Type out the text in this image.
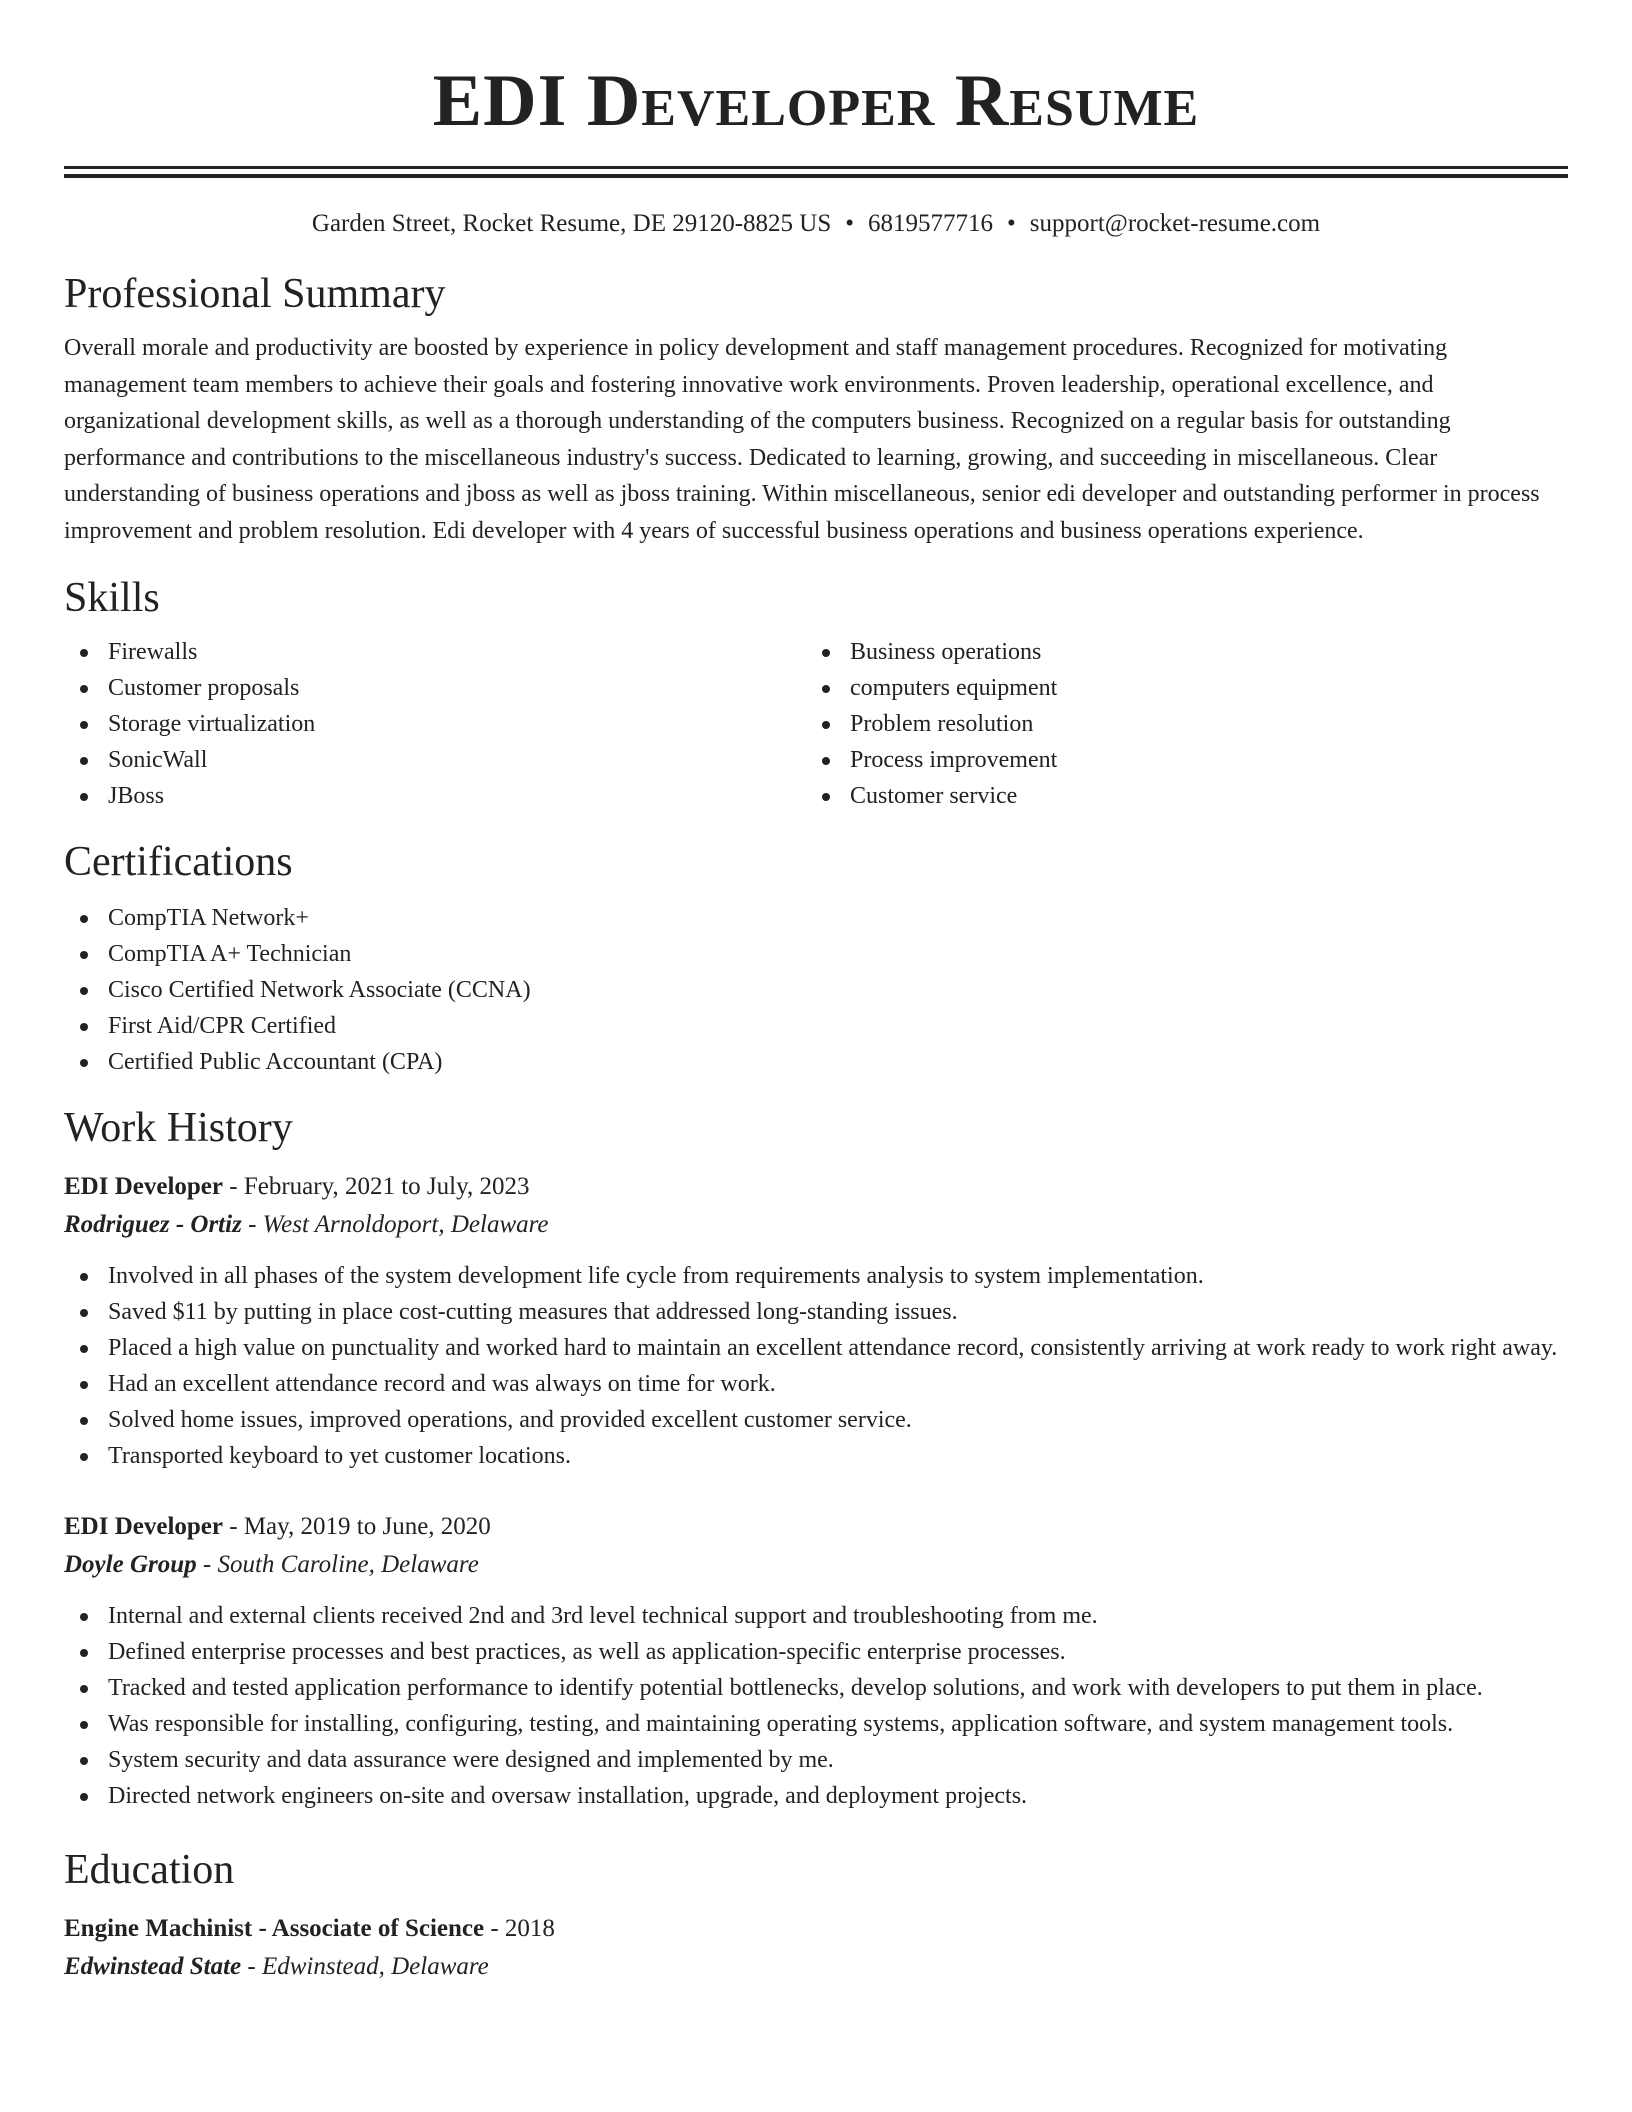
EDI Developer Resume
Garden Street, Rocket Resume, DE 29120-8825 US • 6819577716 • support@rocket-resume.com
Professional Summary

Overall morale and productivity are boosted by experience in policy development and staff management procedures. Recognized for motivating management team members to achieve their goals and fostering innovative work environments. Proven leadership, operational excellence, and organizational development skills, as well as a thorough understanding of the computers business. Recognized on a regular basis for outstanding performance and contributions to the miscellaneous industry's success. Dedicated to learning, growing, and succeeding in miscellaneous. Clear understanding of business operations and jboss as well as jboss training. Within miscellaneous, senior edi developer and outstanding performer in process improvement and problem resolution. Edi developer with 4 years of successful business operations and business operations experience.

Skills
Firewalls
Customer proposals
Storage virtualization
SonicWall
JBoss
Business operations
computers equipment
Problem resolution
Process improvement
Customer service
Certifications
CompTIA Network+
CompTIA A+ Technician
Cisco Certified Network Associate (CCNA)
First Aid/CPR Certified
Certified Public Accountant (CPA)
Work History
EDI Developer - February, 2021 to July, 2023
Rodriguez - Ortiz - West Arnoldoport, Delaware
Involved in all phases of the system development life cycle from requirements analysis to system implementation.
Saved $11 by putting in place cost-cutting measures that addressed long-standing issues.
Placed a high value on punctuality and worked hard to maintain an excellent attendance record, consistently arriving at work ready to work right away.
Had an excellent attendance record and was always on time for work.
Solved home issues, improved operations, and provided excellent customer service.
Transported keyboard to yet customer locations.
EDI Developer - May, 2019 to June, 2020
Doyle Group - South Caroline, Delaware
Internal and external clients received 2nd and 3rd level technical support and troubleshooting from me.
Defined enterprise processes and best practices, as well as application-specific enterprise processes.
Tracked and tested application performance to identify potential bottlenecks, develop solutions, and work with developers to put them in place.
Was responsible for installing, configuring, testing, and maintaining operating systems, application software, and system management tools.
System security and data assurance were designed and implemented by me.
Directed network engineers on-site and oversaw installation, upgrade, and deployment projects.
Education
Engine Machinist - Associate of Science - 2018
Edwinstead State - Edwinstead, Delaware
